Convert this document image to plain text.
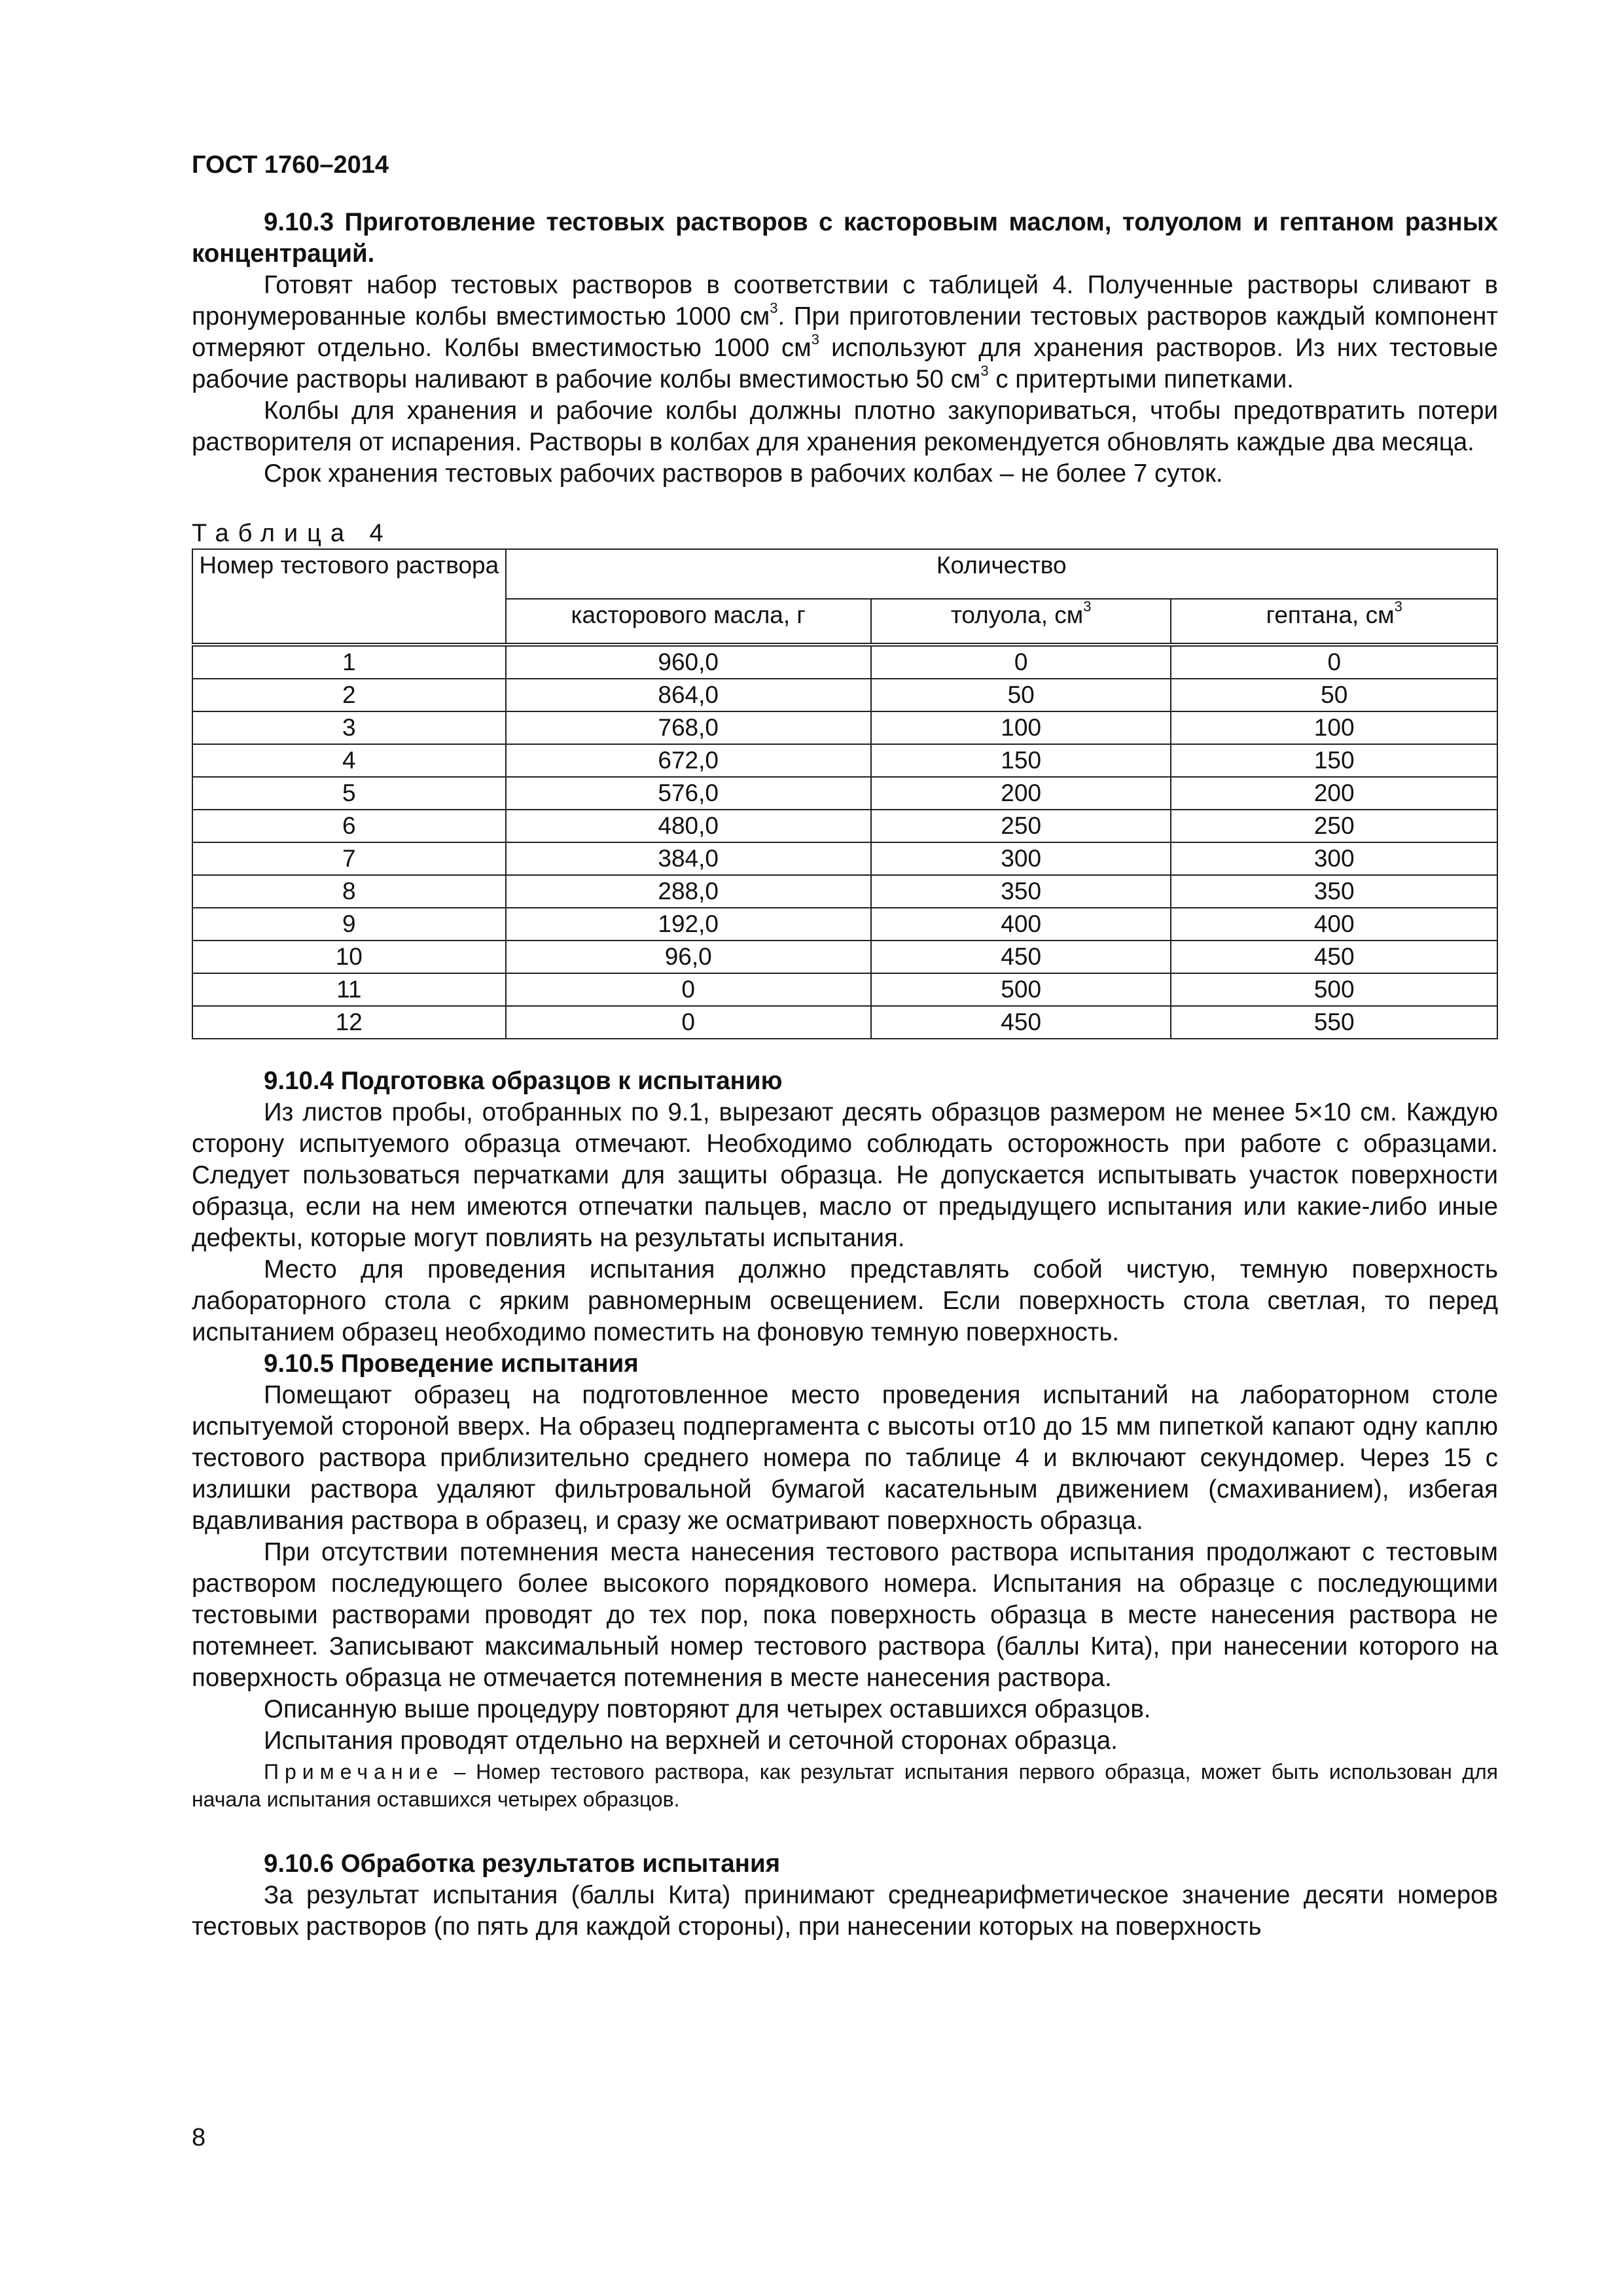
ГОСТ 1760–2014
9.10.3 Приготовление тестовых растворов с касторовым маслом, толуолом и гептаном разных концентраций.

Готовят набор тестовых растворов в соответствии с таблицей 4. Полученные растворы сливают в пронумерованные колбы вместимостью 1000 $см^3$. При приготовлении тестовых растворов каждый компонент отмеряют отдельно. Колбы вместимостью 1000 $см^3$ используют для хранения растворов. Из них тестовые рабочие растворы наливают в рабочие колбы вместимостью 50 $см^3$ с притертыми пипетками.

Колбы для хранения и рабочие колбы должны плотно закупориваться, чтобы предотвратить потери растворителя от испарения. Растворы в колбах для хранения рекомендуется обновлять каждые два месяца.

Срок хранения тестовых рабочих растворов в рабочих колбах – не более 7 суток.

Таблица 4
Номер тестового раствора	Количество		
	касторового масла, г	толуола, $см^3$	гептана, $см^3$
1	960,0	0	0
2	864,0	50	50
3	768,0	100	100
4	672,0	150	150
5	576,0	200	200
6	480,0	250	250
7	384,0	300	300
8	288,0	350	350
9	192,0	400	400
10	96,0	450	450
11	0	500	500
12	0	450	550
9.10.4 Подготовка образцов к испытанию

Из листов пробы, отобранных по 9.1, вырезают десять образцов размером не менее 5×10 см. Каждую сторону испытуемого образца отмечают. Необходимо соблюдать осторожность при работе с образцами. Следует пользоваться перчатками для защиты образца. Не допускается испытывать участок поверхности образца, если на нем имеются отпечатки пальцев, масло от предыдущего испытания или какие-либо иные дефекты, которые могут повлиять на результаты испытания.

Место для проведения испытания должно представлять собой чистую, темную поверхность лабораторного стола с ярким равномерным освещением. Если поверхность стола светлая, то перед испытанием образец необходимо поместить на фоновую темную поверхность.

9.10.5 Проведение испытания

Помещают образец на подготовленное место проведения испытаний на лабораторном столе испытуемой стороной вверх. На образец подпергамента с высоты от10 до 15 мм пипеткой капают одну каплю тестового раствора приблизительно среднего номера по таблице 4 и включают секундомер. Через 15 с излишки раствора удаляют фильтровальной бумагой касательным движением (смахиванием), избегая вдавливания раствора в образец, и сразу же осматривают поверхность образца.

При отсутствии потемнения места нанесения тестового раствора испытания продолжают с тестовым раствором последующего более высокого порядкового номера. Испытания на образце с последующими тестовыми растворами проводят до тех пор, пока поверхность образца в месте нанесения раствора не потемнеет. Записывают максимальный номер тестового раствора (баллы Кита), при нанесении которого на поверхность образца не отмечается потемнения в месте нанесения раствора.

Описанную выше процедуру повторяют для четырех оставшихся образцов.

Испытания проводят отдельно на верхней и сеточной сторонах образца.

Примечание – Номер тестового раствора, как результат испытания первого образца, может быть использован для начала испытания оставшихся четырех образцов.
9.10.6 Обработка результатов испытания

За результат испытания (баллы Кита) принимают среднеарифметическое значение десяти номеров тестовых растворов (по пять для каждой стороны), при нанесении которых на поверхность

8
